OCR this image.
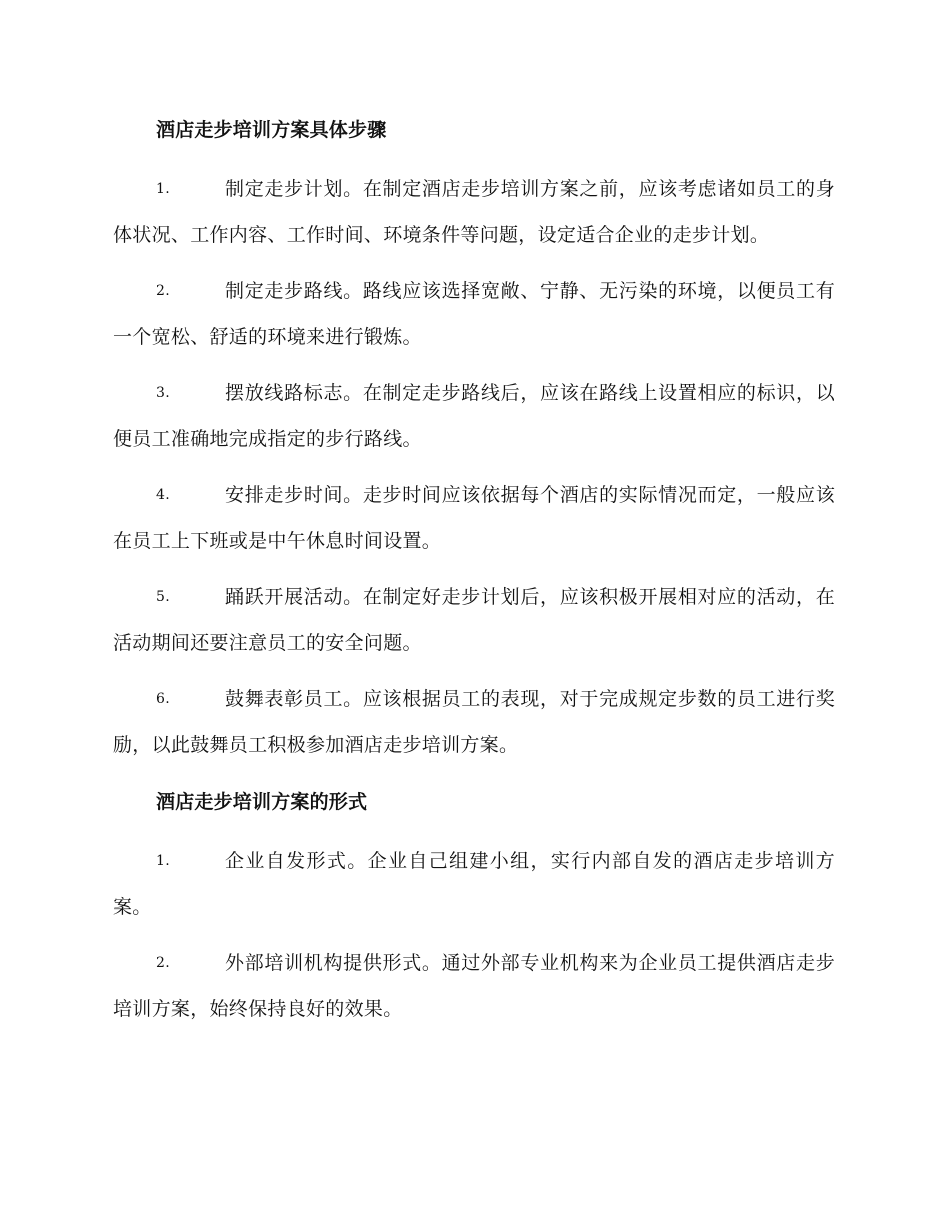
酒店走步培训方案具体步骤

1.	制定走步计划。在制定酒店走步培训方案之前，应该考虑诸如员工的身体状况、工作内容、工作时间、环境条件等问题，设定适合企业的走步计划。

2.	制定走步路线。路线应该选择宽敞、宁静、无污染的环境，以便员工有一个宽松、舒适的环境来进行锻炼。

3.	摆放线路标志。在制定走步路线后，应该在路线上设置相应的标识，以便员工准确地完成指定的步行路线。

4.	安排走步时间。走步时间应该依据每个酒店的实际情况而定，一般应该在员工上下班或是中午休息时间设置。

5.	踊跃开展活动。在制定好走步计划后，应该积极开展相对应的活动，在活动期间还要注意员工的安全问题。

6.	鼓舞表彰员工。应该根据员工的表现，对于完成规定步数的员工进行奖励，以此鼓舞员工积极参加酒店走步培训方案。

酒店走步培训方案的形式

1.	企业自发形式。企业自己组建小组，实行内部自发的酒店走步培训方案。

2.	外部培训机构提供形式。通过外部专业机构来为企业员工提供酒店走步培训方案，始终保持良好的效果。
